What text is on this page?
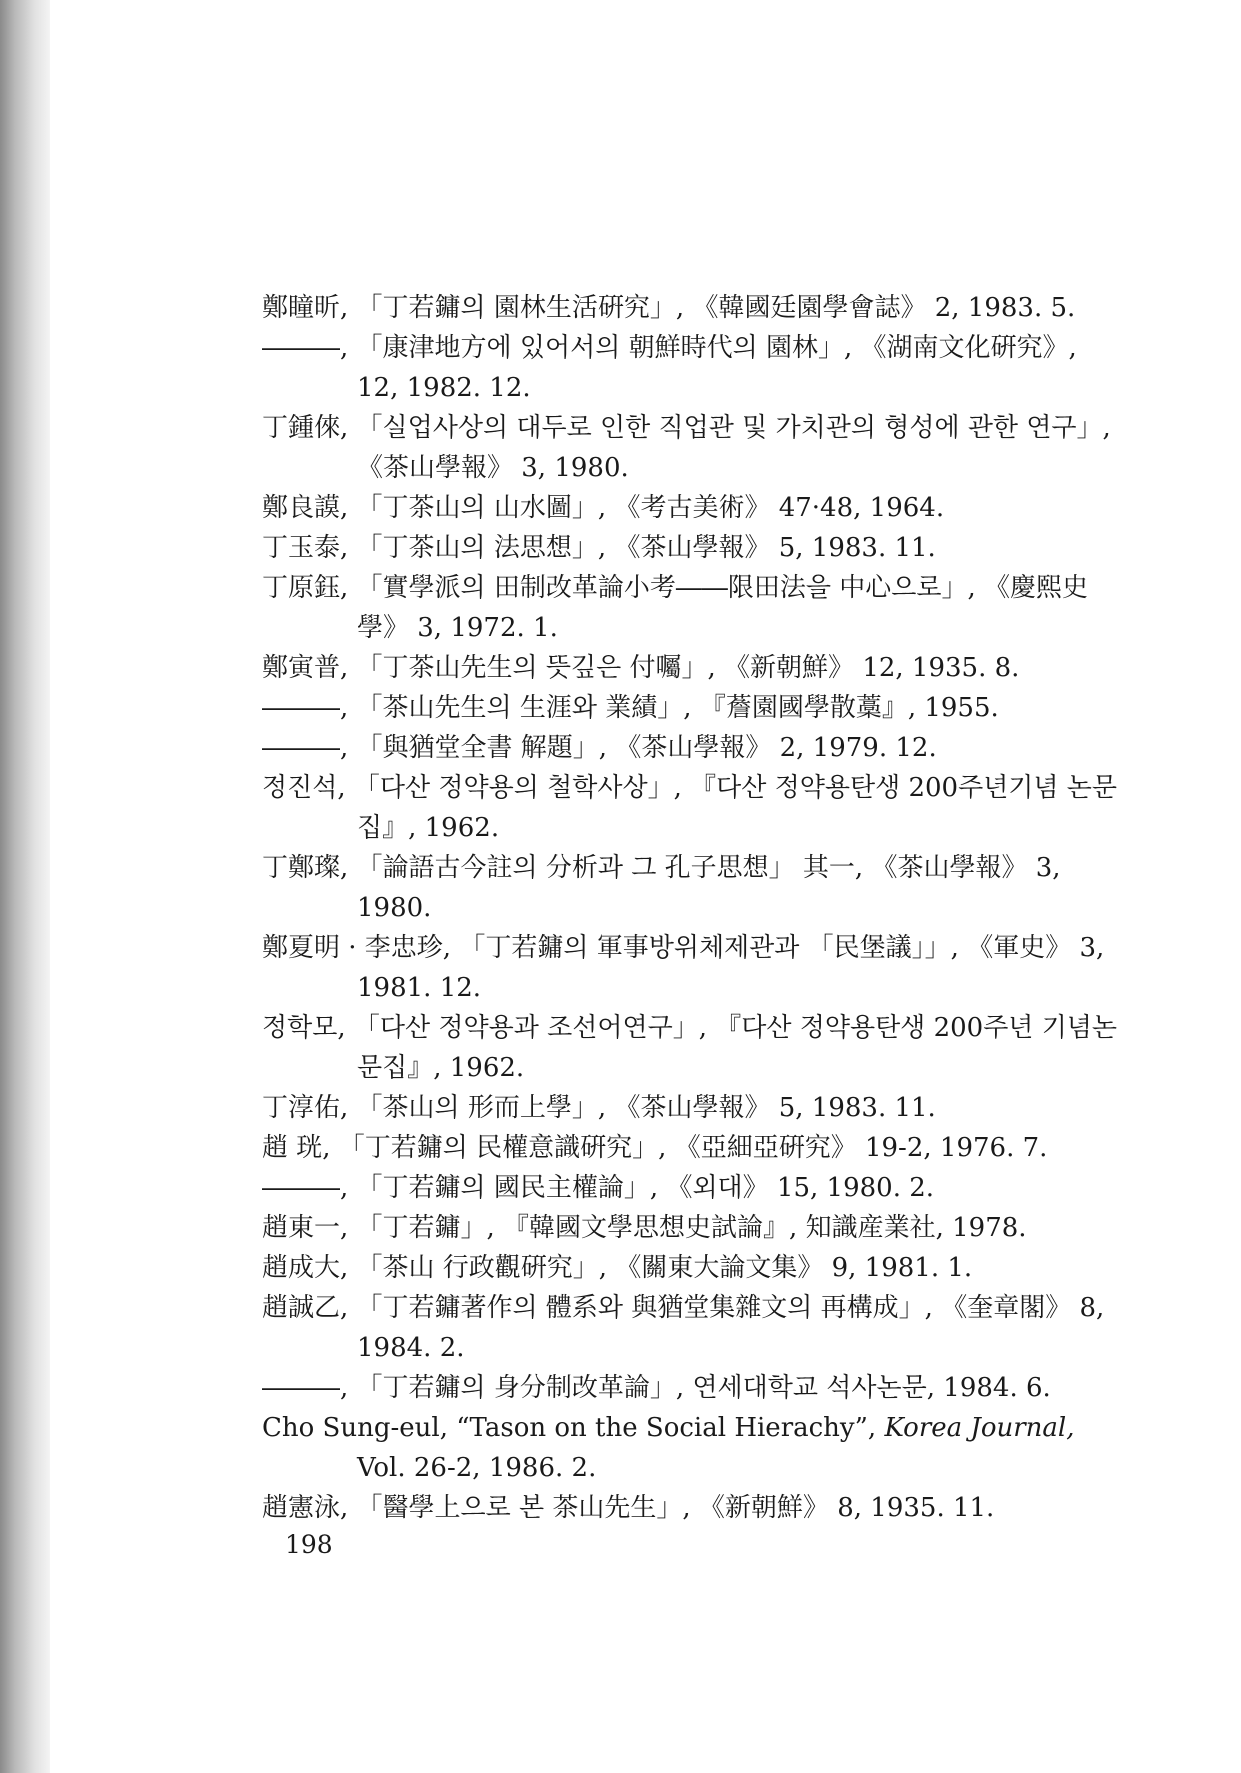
鄭瞳昕, 「丁若鏞의 園林生活硏究」, 《韓國廷園學會誌》 2, 1983. 5.
―――, 「康津地方에 있어서의 朝鮮時代의 園林」, 《湖南文化硏究》, 12, 1982. 12.
丁鍾倈, 「실업사상의 대두로 인한 직업관 및 가치관의 형성에 관한 연구」, 《茶山學報》 3, 1980.
鄭良謨, 「丁茶山의 山水圖」, 《考古美術》 47·48, 1964.
丁玉泰, 「丁茶山의 法思想」, 《茶山學報》 5, 1983. 11.
丁原鈺, 「實學派의 田制改革論小考――限田法을 中心으로」, 《慶熙史學》 3, 1972. 1.
鄭寅普, 「丁茶山先生의 뜻깊은 付囑」, 《新朝鮮》 12, 1935. 8.
―――, 「茶山先生의 生涯와 業績」, 『薝園國學散藁』, 1955.
―――, 「與猶堂全書 解題」, 《茶山學報》 2, 1979. 12.
정진석, 「다산 정약용의 철학사상」, 『다산 정약용탄생 200주년기념 논문집』, 1962.
丁鄭璨, 「論語古今註의 分析과 그 孔子思想」 其一, 《茶山學報》 3, 1980.
鄭夏明 · 李忠珍, 「丁若鏞의 軍事방위체제관과 「民堡議」」, 《軍史》 3, 1981. 12.
정학모, 「다산 정약용과 조선어연구」, 『다산 정약용탄생 200주년 기념논문집』, 1962.
丁淳佑, 「茶山의 形而上學」, 《茶山學報》 5, 1983. 11.
趙 珖, 「丁若鏞의 民權意識硏究」, 《亞細亞硏究》 19-2, 1976. 7.
―――, 「丁若鏞의 國民主權論」, 《외대》 15, 1980. 2.
趙東一, 「丁若鏞」, 『韓國文學思想史試論』, 知識産業社, 1978.
趙成大, 「茶山 行政觀硏究」, 《關東大論文集》 9, 1981. 1.
趙誠乙, 「丁若鏞著作의 體系와 與猶堂集雜文의 再構成」, 《奎章閣》 8, 1984. 2.
―――, 「丁若鏞의 身分制改革論」, 연세대학교 석사논문, 1984. 6.
Cho Sung-eul, “Tason on the Social Hierachy”, Korea Journal, Vol. 26-2, 1986. 2.
趙憲泳, 「醫學上으로 본 茶山先生」, 《新朝鮮》 8, 1935. 11.
198
